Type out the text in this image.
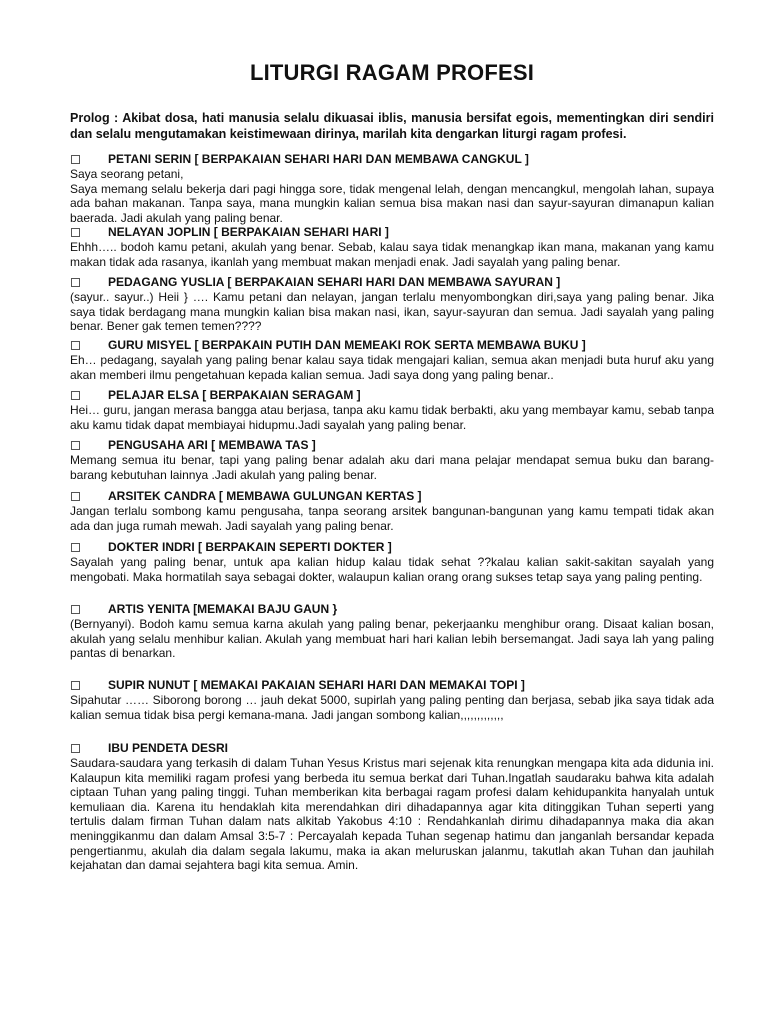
LITURGI RAGAM PROFESI
Prolog : Akibat dosa, hati manusia selalu dikuasai iblis, manusia bersifat egois, mementingkan diri sendiri dan selalu mengutamakan keistimewaan dirinya, marilah kita dengarkan liturgi ragam profesi.
PETANI SERIN [ BERPAKAIAN SEHARI HARI DAN MEMBAWA CANGKUL ]
Saya seorang petani,
Saya memang selalu bekerja dari pagi hingga sore, tidak mengenal lelah, dengan mencangkul, mengolah lahan, supaya ada bahan makanan. Tanpa saya, mana mungkin kalian semua bisa makan nasi dan sayur-sayuran dimanapun kalian baerada. Jadi akulah yang paling benar.
NELAYAN JOPLIN [ BERPAKAIAN SEHARI HARI ]
Ehhh….. bodoh kamu petani, akulah yang benar. Sebab, kalau saya tidak menangkap ikan mana, makanan yang kamu makan tidak ada rasanya, ikanlah yang membuat makan menjadi enak. Jadi sayalah yang paling benar.
PEDAGANG YUSLIA [ BERPAKAIAN SEHARI HARI DAN MEMBAWA SAYURAN ]
(sayur.. sayur..) Heii } …. Kamu petani dan nelayan, jangan terlalu menyombongkan diri,saya yang paling benar. Jika saya tidak berdagang mana mungkin kalian bisa makan nasi, ikan, sayur-sayuran dan semua. Jadi sayalah yang paling benar. Bener gak temen temen????
GURU MISYEL [ BERPAKAIN PUTIH DAN MEMEAKI ROK SERTA MEMBAWA BUKU ]
Eh… pedagang, sayalah yang paling benar kalau saya tidak mengajari kalian, semua akan menjadi buta huruf aku yang akan memberi ilmu pengetahuan kepada kalian semua. Jadi saya dong yang paling benar..
PELAJAR ELSA [ BERPAKAIAN SERAGAM ]
Hei… guru, jangan merasa bangga atau berjasa, tanpa aku kamu tidak berbakti, aku yang membayar kamu, sebab tanpa aku kamu tidak dapat membiayai hidupmu.Jadi sayalah yang paling benar.
PENGUSAHA ARI [ MEMBAWA TAS ]
Memang semua itu benar, tapi yang paling benar adalah aku dari mana pelajar mendapat semua buku dan barang-barang kebutuhan lainnya .Jadi akulah yang paling benar.
ARSITEK CANDRA [ MEMBAWA GULUNGAN KERTAS ]
Jangan terlalu sombong kamu pengusaha, tanpa seorang arsitek bangunan-bangunan yang kamu tempati tidak akan ada dan juga rumah mewah. Jadi sayalah yang paling benar.
DOKTER INDRI [ BERPAKAIN SEPERTI DOKTER ]
Sayalah yang paling benar, untuk apa kalian hidup kalau tidak sehat ??kalau kalian sakit-sakitan sayalah yang mengobati. Maka hormatilah saya sebagai dokter, walaupun kalian orang orang sukses tetap saya yang paling penting.
ARTIS YENITA [MEMAKAI BAJU GAUN }
(Bernyanyi). Bodoh kamu semua karna akulah yang paling benar, pekerjaanku menghibur orang. Disaat kalian bosan, akulah yang selalu menhibur kalian. Akulah yang membuat hari hari kalian lebih bersemangat. Jadi saya lah yang paling pantas di benarkan.
SUPIR NUNUT [ MEMAKAI PAKAIAN SEHARI HARI DAN MEMAKAI TOPI ]
Sipahutar …… Siborong borong … jauh dekat 5000, supirlah yang paling penting dan berjasa, sebab jika saya tidak ada kalian semua tidak bisa pergi kemana-mana. Jadi jangan sombong kalian,,,,,,,,,,,,,
IBU PENDETA DESRI
Saudara-saudara yang terkasih di dalam Tuhan Yesus Kristus mari sejenak kita renungkan mengapa kita ada didunia ini. Kalaupun kita memiliki ragam profesi yang berbeda itu semua berkat dari Tuhan.Ingatlah saudaraku bahwa kita adalah ciptaan Tuhan yang paling tinggi. Tuhan memberikan kita berbagai ragam profesi dalam kehidupankita hanyalah untuk kemuliaan dia. Karena itu hendaklah kita merendahkan diri dihadapannya agar kita ditinggikan Tuhan seperti yang tertulis dalam firman Tuhan dalam nats alkitab Yakobus 4:10 : Rendahkanlah dirimu dihadapannya maka dia akan meninggikanmu dan dalam Amsal 3:5-7 : Percayalah kepada Tuhan segenap hatimu dan janganlah bersandar kepada pengertianmu, akulah dia dalam segala lakumu, maka ia akan meluruskan jalanmu, takutlah akan Tuhan dan jauhilah kejahatan dan damai sejahtera bagi kita semua. Amin.
